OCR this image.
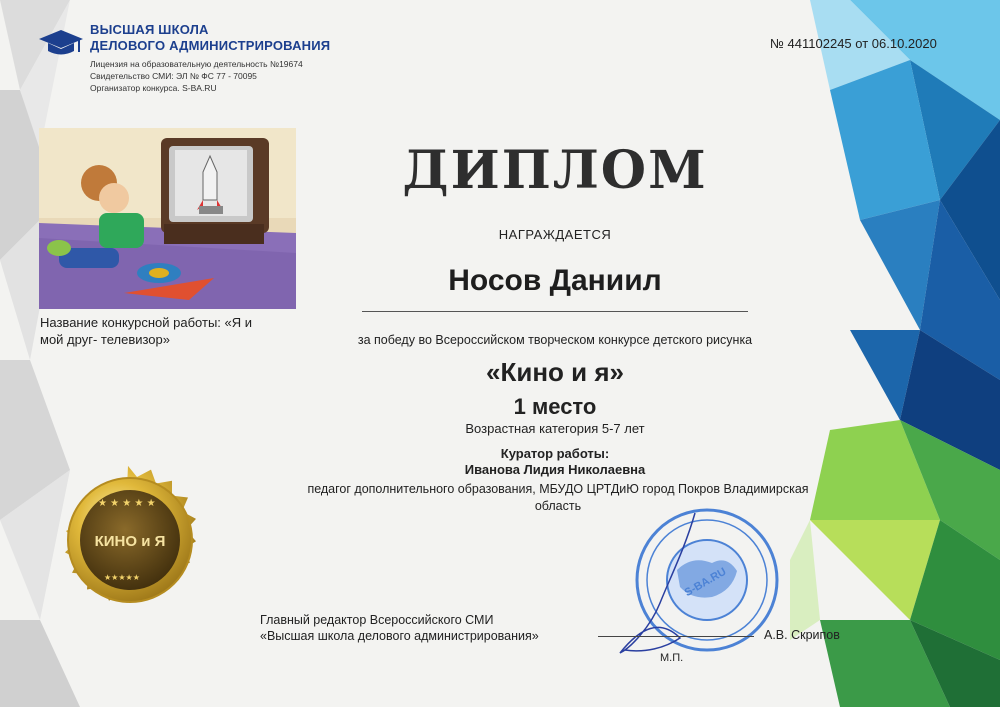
ВЫСШАЯ ШКОЛА
ДЕЛОВОГО АДМИНИСТРИРОВАНИЯ
Лицензия на образовательную деятельность №19674
Свидетельство СМИ: ЭЛ № ФС 77 - 70095
Организатор конкурса. S-BA.RU
№ 441102245 от 06.10.2020
Название конкурсной работы: «Я и
мой друг- телевизор»
ДИПЛОМ
НАГРАЖДАЕТСЯ
Носов Даниил
за победу во Всероссийском творческом конкурсе детского рисунка
«Кино и я»
1 место
Возрастная категория 5-7 лет
Куратор работы:
Иванова Лидия Николаевна
педагог дополнительного образования, МБУДО ЦРТДиЮ город Покров Владимирская
область
★ ★ ★ ★ ★
★★★★★
КИНО и Я
S-BA.RU
Главный редактор Всероссийского СМИ
«Высшая школа делового администрирования»	А.В. Скрипов
М.П.
